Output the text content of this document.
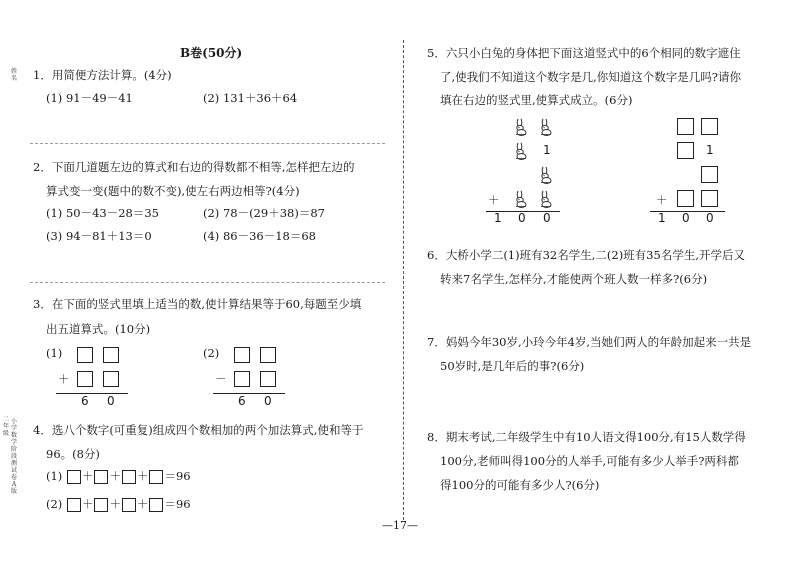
姓名
二年级
小学数学阶段测试卷A版
B卷(50分)
1．用简便方法计算。(4分)
(1) 91－49－41	(2) 131＋36＋64
2．下面几道题左边的算式和右边的得数都不相等,怎样把左边的
算式变一变(题中的数不变),使左右两边相等?(4分)
(1) 50－43－28＝35	(2) 78－(29＋38)＝87
(3) 94－81＋13＝0	(4) 86－36－18＝68
3．在下面的竖式里填上适当的数,使计算结果等于60,每题至少填
出五道算式。(10分)
(1)
＋
6 0
(2)
－
6 0
4．选八个数字(可重复)组成四个数相加的两个加法算式,使和等于
96。(8分)
(1) ＋ ＋ ＋ ＝96
(2) ＋ ＋ ＋ ＝96
—17—
5．六只小白兔的身体把下面这道竖式中的6个相同的数字遮住
了,使我们不知道这个数字是几,你知道这个数字是几吗?请你
填在右边的竖式里,使算式成立。(6分)
1
＋
1 0 0
1
＋
1 0 0
6．大桥小学二(1)班有32名学生,二(2)班有35名学生,开学后又
转来7名学生,怎样分,才能使两个班人数一样多?(6分)
7．妈妈今年30岁,小玲今年4岁,当她们两人的年龄加起来一共是
50岁时,是几年后的事?(6分)
8．期末考试,二年级学生中有10人语文得100分,有15人数学得
100分,老师叫得100分的人举手,可能有多少人举手?两科都
得100分的可能有多少人?(6分)
